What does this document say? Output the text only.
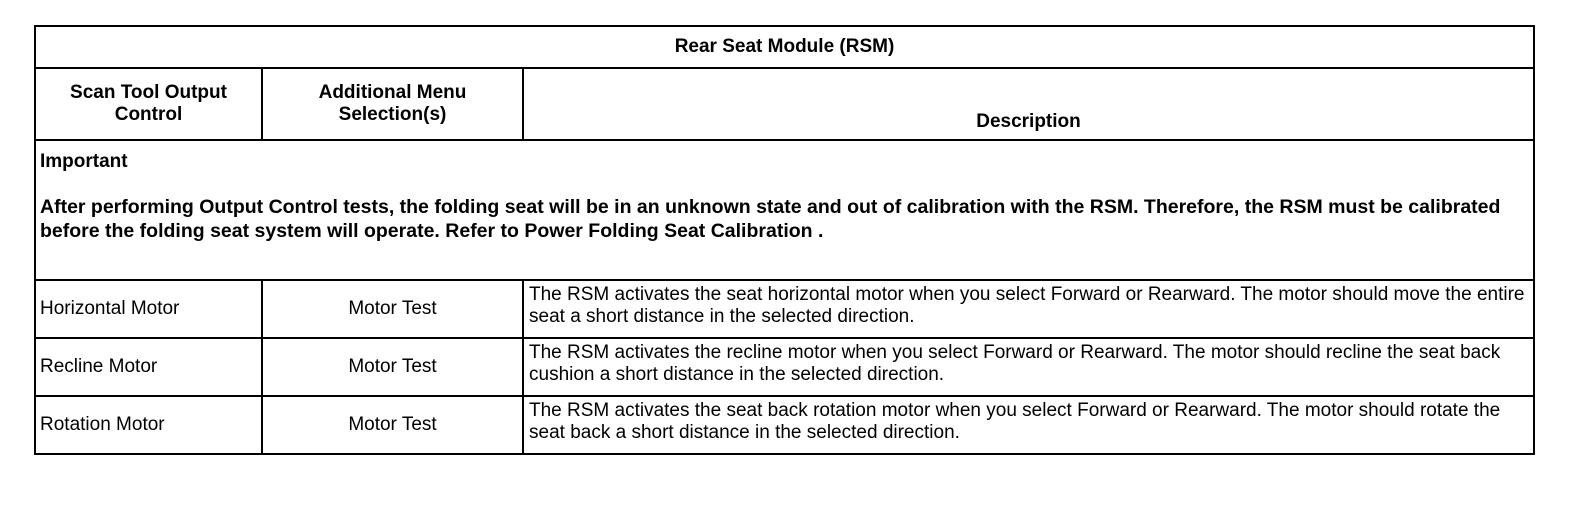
Rear Seat Module (RSM)		
Scan Tool Output Control	Additional Menu Selection(s)	Description

Important
After performing Output Control tests, the folding seat will be in an unknown state and out of calibration with the RSM. Therefore, the RSM must be calibrated before the folding seat system will operate. Refer to Power Folding Seat Calibration .		

Horizontal Motor	Motor Test	The RSM activates the seat horizontal motor when you select Forward or Rearward. The motor should move the entire seat a short distance in the selected direction.
Recline Motor	Motor Test	The RSM activates the recline motor when you select Forward or Rearward. The motor should recline the seat back cushion a short distance in the selected direction.
Rotation Motor	Motor Test	The RSM activates the seat back rotation motor when you select Forward or Rearward. The motor should rotate the seat back a short distance in the selected direction.
